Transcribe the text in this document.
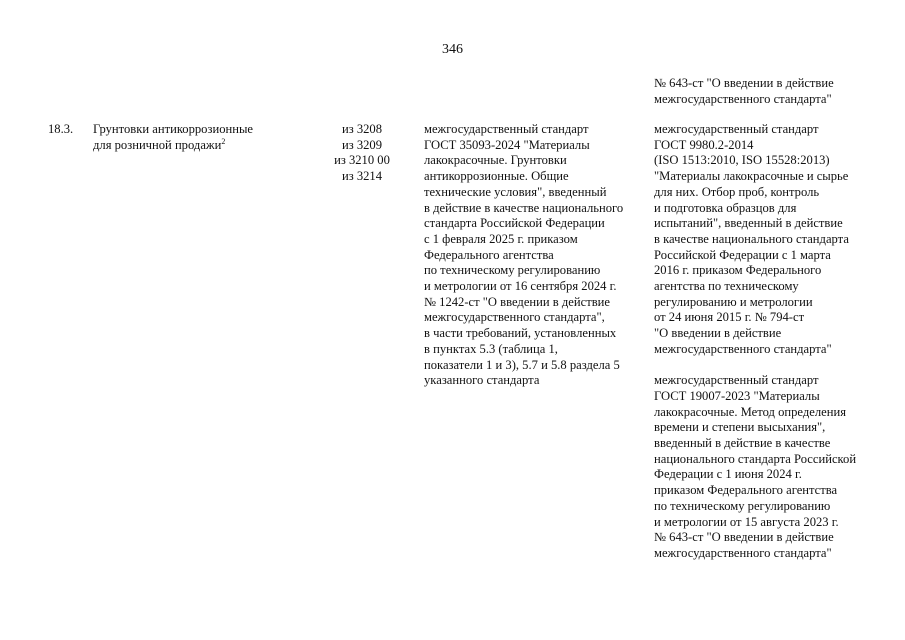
346
№ 643-ст "О введении в действие
межгосударственного стандарта"
18.3. Грунтовки антикоррозионные
для розничной продажи$^2$
из 3208
из 3209
из 3210 00
из 3214
межгосударственный стандарт
ГОСТ 35093-2024 "Материалы
лакокрасочные. Грунтовки
антикоррозионные. Общие
технические условия", введенный
в действие в качестве национального
стандарта Российской Федерации
с 1 февраля 2025 г. приказом
Федерального агентства
по техническому регулированию
и метрологии от 16 сентября 2024 г.
№ 1242-ст "О введении в действие
межгосударственного стандарта",
в части требований, установленных
в пунктах 5.3 (таблица 1,
показатели 1 и 3), 5.7 и 5.8 раздела 5
указанного стандарта
межгосударственный стандарт
ГОСТ 9980.2-2014
(ISO 1513:2010, ISO 15528:2013)
"Материалы лакокрасочные и сырье
для них. Отбор проб, контроль
и подготовка образцов для
испытаний", введенный в действие
в качестве национального стандарта
Российской Федерации с 1 марта
2016 г. приказом Федерального
агентства по техническому
регулированию и метрологии
от 24 июня 2015 г. № 794-ст
"О введении в действие
межгосударственного стандарта"
межгосударственный стандарт
ГОСТ 19007-2023 "Материалы
лакокрасочные. Метод определения
времени и степени высыхания",
введенный в действие в качестве
национального стандарта Российской
Федерации с 1 июня 2024 г.
приказом Федерального агентства
по техническому регулированию
и метрологии от 15 августа 2023 г.
№ 643-ст "О введении в действие
межгосударственного стандарта"
